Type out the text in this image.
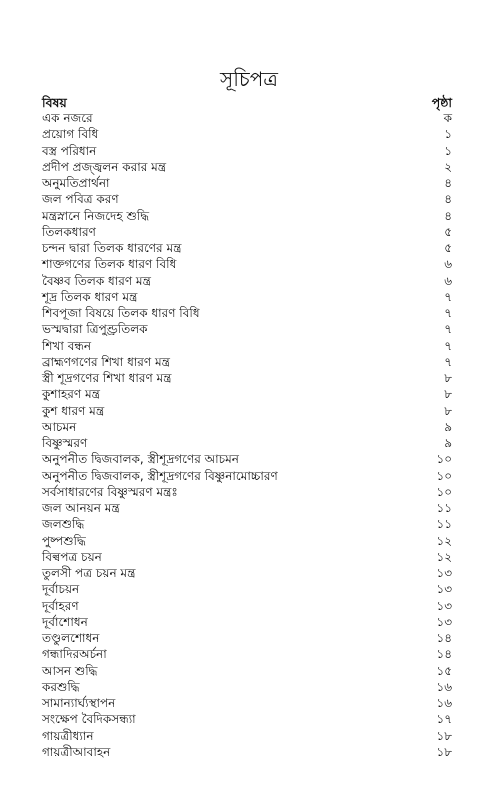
সূচিপত্র
বিষয়	পৃষ্ঠা
এক নজরে	ক
প্রয়োগ বিধি	১
বস্ত্র পরিধান	১
প্রদীপ প্রজ্জ্বলন করার মন্ত্র	২
অনুমতিপ্রার্থনা	৪
জল পবিত্র করণ	৪
মন্ত্রস্নানে নিজদেহ শুদ্ধি	৪
তিলকধারণ	৫
চন্দন দ্বারা তিলক ধারণের মন্ত্র	৫
শাক্তগণের তিলক ধারণ বিধি	৬
বৈষ্ণব তিলক ধারণ মন্ত্র	৬
শূদ্র তিলক ধারণ মন্ত্র	৭
শিবপূজা বিষয়ে তিলক ধারণ বিধি	৭
ভস্মদ্বারা ত্রিপুণ্ড্রতিলক	৭
শিখা বন্ধন	৭
ব্রাহ্মণগণের শিখা ধারণ মন্ত্র	৭
স্ত্রী শূদ্রগণের শিখা ধারণ মন্ত্র	৮
কুশাহরণ মন্ত্র	৮
কুশ ধারণ মন্ত্র	৮
আচমন	৯
বিষ্ণুস্মরণ	৯
অনুপনীত দ্বিজবালক, স্ত্রীশূদ্রগণের আচমন	১০
অনুপনীত দ্বিজবালক, স্ত্রীশূদ্রগণের বিষ্ণুনামোচ্চারণ	১০
সর্বসাধারণের বিষ্ণুস্মরণ মন্ত্রঃ	১০
জল আনয়ন মন্ত্র	১১
জলশুদ্ধি	১১
পুষ্পশুদ্ধি	১২
বিল্বপত্র চয়ন	১২
তুলসী পত্র চয়ন মন্ত্র	১৩
দূর্বাচয়ন	১৩
দূর্বাহরণ	১৩
দূর্বাশোধন	১৩
তণ্ডুলশোধন	১৪
গন্ধাদিরঅর্চনা	১৪
আসন শুদ্ধি	১৫
করশুদ্ধি	১৬
সামান্যার্ঘ্যস্থাপন	১৬
সংক্ষেপ বৈদিকসন্ধ্যা	১৭
গায়ত্রীধ্যান	১৮
গায়ত্রীআবাহন	১৮
